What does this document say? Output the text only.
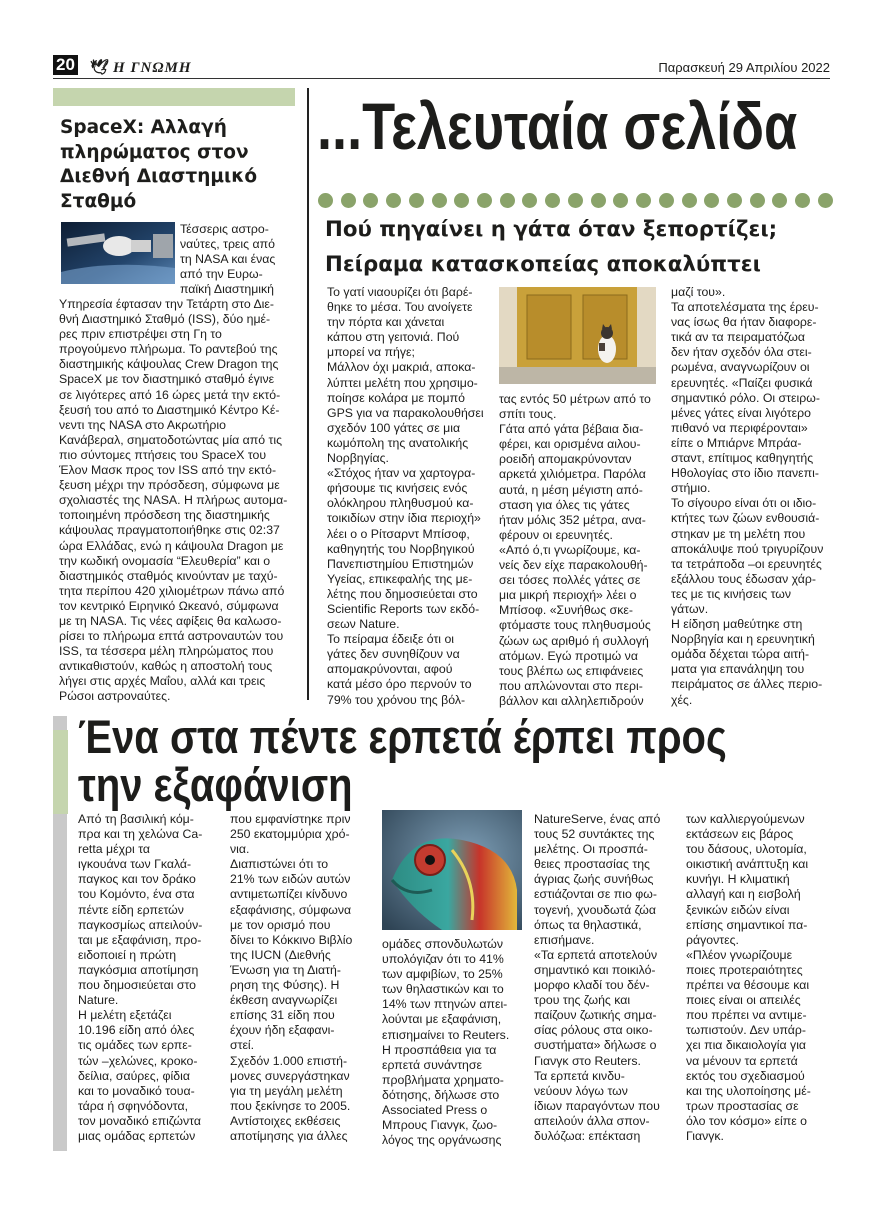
20 🕊 Η ΓΝΩΜΗ	Παρασκευή 29 Απριλίου 2022
SpaceX: Αλλαγή πληρώματος στον Διεθνή Διαστημικό Σταθμό
Τέσσερις αστρο-
ναύτες, τρεις από
τη NASA και ένας
από την Ευρω-
παϊκή Διαστημική
Υπηρεσία έφτασαν την Τετάρτη στο Διε-
θνή Διαστημικό Σταθμό (ISS), δύο ημέ-
ρες πριν επιστρέψει στη Γη το
προγούμενο πλήρωμα. Το ραντεβού της
διαστημικής κάψουλας Crew Dragon της
SpaceX με τον διαστημικό σταθμό έγινε
σε λιγότερες από 16 ώρες μετά την εκτό-
ξευσή του από το Διαστημικό Κέντρο Κέ-
νεντι της NASA στο Ακρωτήριο
Κανάβεραλ, σηματοδοτώντας μία από τις
πιο σύντομες πτήσεις του SpaceX του
Έλον Μασκ προς τον ISS από την εκτό-
ξευση μέχρι την πρόσδεση, σύμφωνα με
σχολιαστές της NASA. Η πλήρως αυτομα-
τοποιημένη πρόσδεση της διαστημικής
κάψουλας πραγματοποιήθηκε στις 02:37
ώρα Ελλάδας, ενώ η κάψουλα Dragon με
την κωδική ονομασία “Ελευθερία” και ο
διαστημικός σταθμός κινούνταν με ταχύ-
τητα περίπου 420 χιλιομέτρων πάνω από
τον κεντρικό Ειρηνικό Ωκεανό, σύμφωνα
με τη NASA. Τις νέες αφίξεις θα καλωσο-
ρίσει το πλήρωμα επτά αστροναυτών του
ISS, τα τέσσερα μέλη πληρώματος που
αντικαθιστούν, καθώς η αποστολή τους
λήγει στις αρχές Μαΐου, αλλά και τρεις
Ρώσοι αστροναύτες.
...Τελευταία σελίδα
Πού πηγαίνει η γάτα όταν ξεπορτίζει;
Πείραμα κατασκοπείας αποκαλύπτει
Το γατί νιαουρίζει ότι βαρέ-
θηκε το μέσα. Του ανοίγετε
την πόρτα και χάνεται
κάπου στη γειτονιά. Πού
μπορεί να πήγε;
Μάλλον όχι μακριά, αποκα-
λύπτει μελέτη που χρησιμο-
ποίησε κολάρα με πομπό
GPS για να παρακολουθήσει
σχεδόν 100 γάτες σε μια
κωμόπολη της ανατολικής
Νορβηγίας.
«Στόχος ήταν να χαρτογρα-
φήσουμε τις κινήσεις ενός
ολόκληρου πληθυσμού κα-
τοικιδίων στην ίδια περιοχή»
λέει ο ο Ρίτσαρντ Μπίσοφ,
καθηγητής του Νορβηγικού
Πανεπιστημίου Επιστημών
Υγείας, επικεφαλής της με-
λέτης που δημοσιεύεται στο
Scientific Reports των εκδό-
σεων Nature.
Το πείραμα έδειξε ότι οι
γάτες δεν συνηθίζουν να
απομακρύνονται, αφού
κατά μέσο όρο περνούν το
79% του χρόνου της βόλ-
τας εντός 50 μέτρων από το
σπίτι τους.
Γάτα από γάτα βέβαια δια-
φέρει, και ορισμένα αιλου-
ροειδή απομακρύνονταν
αρκετά χιλιόμετρα. Παρόλα
αυτά, η μέση μέγιστη από-
σταση για όλες τις γάτες
ήταν μόλις 352 μέτρα, ανα-
φέρουν οι ερευνητές.
«Από ό,τι γνωρίζουμε, κα-
νείς δεν είχε παρακολουθή-
σει τόσες πολλές γάτες σε
μια μικρή περιοχή» λέει ο
Μπίσοφ. «Συνήθως σκε-
φτόμαστε τους πληθυσμούς
ζώων ως αριθμό ή συλλογή
ατόμων. Εγώ προτιμώ να
τους βλέπω ως επιφάνειες
που απλώνονται στο περι-
βάλλον και αλληλεπιδρούν
μαζί του».
Τα αποτελέσματα της έρευ-
νας ίσως θα ήταν διαφορε-
τικά αν τα πειραματόζωα
δεν ήταν σχεδόν όλα στει-
ρωμένα, αναγνωρίζουν οι
ερευνητές. «Παίζει φυσικά
σημαντικό ρόλο. Οι στειρω-
μένες γάτες είναι λιγότερο
πιθανό να περιφέρονται»
είπε ο Μπιάρνε Μπράα-
σταντ, επίτιμος καθηγητής
Ηθολογίας στο ίδιο πανεπι-
στήμιο.
Το σίγουρο είναι ότι οι ιδιο-
κτήτες των ζώων ενθουσιά-
στηκαν με τη μελέτη που
αποκάλυψε πού τριγυρίζουν
τα τετράποδα –οι ερευνητές
εξάλλου τους έδωσαν χάρ-
τες με τις κινήσεις των
γάτων.
Η είδηση μαθεύτηκε στη
Νορβηγία και η ερευνητική
ομάδα δέχεται τώρα αιτή-
ματα για επανάληψη του
πειράματος σε άλλες περιο-
χές.
Ένα στα πέντε ερπετά έρπει προς
την εξαφάνιση
Από τη βασιλική κόμ-
πρα και τη χελώνα Ca-
retta μέχρι τα
ιγκουάνα των Γκαλά-
παγκος και τον δράκο
του Κομόντο, ένα στα
πέντε είδη ερπετών
παγκοσμίως απειλούν-
ται με εξαφάνιση, προ-
ειδοποιεί η πρώτη
παγκόσμια αποτίμηση
που δημοσιεύεται στο
Nature.
Η μελέτη εξετάζει
10.196 είδη από όλες
τις ομάδες των ερπε-
τών –χελώνες, κροκο-
δείλια, σαύρες, φίδια
και το μοναδικό τουα-
τάρα ή σφηνόδοντα,
τον μοναδικό επιζώντα
μιας ομάδας ερπετών
που εμφανίστηκε πριν
250 εκατομμύρια χρό-
νια.
Διαπιστώνει ότι το
21% των ειδών αυτών
αντιμετωπίζει κίνδυνο
εξαφάνισης, σύμφωνα
με τον ορισμό που
δίνει το Κόκκινο Βιβλίο
της IUCN (Διεθνής
Ένωση για τη Διατή-
ρηση της Φύσης). Η
έκθεση αναγνωρίζει
επίσης 31 είδη που
έχουν ήδη εξαφανι-
στεί.
Σχεδόν 1.000 επιστή-
μονες συνεργάστηκαν
για τη μεγάλη μελέτη
που ξεκίνησε το 2005.
Αντίστοιχες εκθέσεις
αποτίμησης για άλλες
ομάδες σπονδυλωτών
υπολόγιζαν ότι το 41%
των αμφιβίων, το 25%
των θηλαστικών και το
14% των πτηνών απει-
λούνται με εξαφάνιση,
επισημαίνει το Reuters.
Η προσπάθεια για τα
ερπετά συνάντησε
προβλήματα χρηματο-
δότησης, δήλωσε στο
Associated Press ο
Μπρους Γιανγκ, ζωο-
λόγος της οργάνωσης
NatureServe, ένας από
τους 52 συντάκτες της
μελέτης. Οι προσπά-
θειες προστασίας της
άγριας ζωής συνήθως
εστιάζονται σε πιο φω-
τογενή, χνουδωτά ζώα
όπως τα θηλαστικά,
επισήμανε.
«Τα ερπετά αποτελούν
σημαντικό και ποικιλό-
μορφο κλαδί του δέν-
τρου της ζωής και
παίζουν ζωτικής σημα-
σίας ρόλους στα οικο-
συστήματα» δήλωσε ο
Γιανγκ στο Reuters.
Τα ερπετά κινδυ-
νεύουν λόγω των
ίδιων παραγόντων που
απειλούν άλλα σπον-
δυλόζωα: επέκταση
των καλλιεργούμενων
εκτάσεων εις βάρος
του δάσους, υλοτομία,
οικιστική ανάπτυξη και
κυνήγι. Η κλιματική
αλλαγή και η εισβολή
ξενικών ειδών είναι
επίσης σημαντικοί πα-
ράγοντες.
«Πλέον γνωρίζουμε
ποιες προτεραιότητες
πρέπει να θέσουμε και
ποιες είναι οι απειλές
που πρέπει να αντιμε-
τωπιστούν. Δεν υπάρ-
χει πια δικαιολογία για
να μένουν τα ερπετά
εκτός του σχεδιασμού
και της υλοποίησης μέ-
τρων προστασίας σε
όλο τον κόσμο» είπε ο
Γιανγκ.
